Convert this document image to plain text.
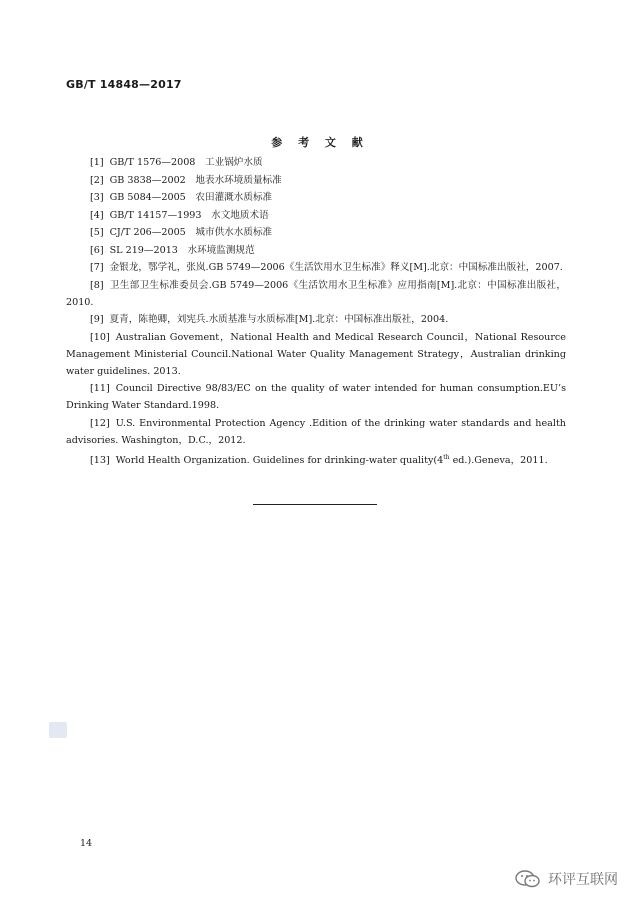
GB/T 14848—2017
参 考 文 献

[1] GB/T 1576—2008　工业锅炉水质

[2] GB 3838—2002　地表水环境质量标准

[3] GB 5084—2005　农田灌溉水质标准

[4] GB/T 14157—1993　水文地质术语

[5] CJ/T 206—2005　城市供水水质标准

[6] SL 219—2013　水环境监测规范

[7] 金银龙，鄂学礼，张岚.GB 5749—2006《生活饮用水卫生标准》释义[M].北京：中国标准出版社，2007.

[8] 卫生部卫生标准委员会.GB 5749—2006《生活饮用水卫生标准》应用指南[M].北京：中国标准出版社，2010.

[9] 夏青，陈艳卿，刘宪兵.水质基准与水质标准[M].北京：中国标准出版社，2004.

[10] Australian Govement，National Health and Medical Research Council，National Resource Management Ministerial Council.National Water Quality Management Strategy，Australian drinking water guidelines. 2013.

[11] Council Directive 98/83/EC on the quality of water intended for human consumption.EU’s Drinking Water Standard.1998.

[12] U.S. Environmental Protection Agency .Edition of the drinking water standards and health advisories. Washington，D.C.，2012.

[13] World Health Organization. Guidelines for drinking-water quality(4th ed.).Geneva，2011.

14
环评互联网
